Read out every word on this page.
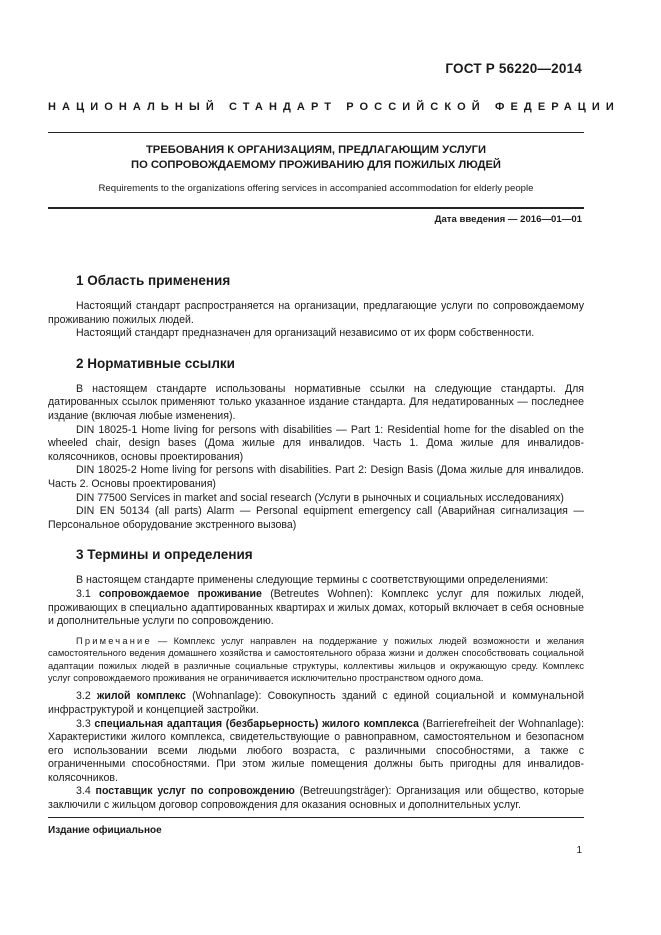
ГОСТ Р 56220—2014
НАЦИОНАЛЬНЫЙ СТАНДАРТ РОССИЙСКОЙ ФЕДЕРАЦИИ
ТРЕБОВАНИЯ К ОРГАНИЗАЦИЯМ, ПРЕДЛАГАЮЩИМ УСЛУГИ
ПО СОПРОВОЖДАЕМОМУ ПРОЖИВАНИЮ ДЛЯ ПОЖИЛЫХ ЛЮДЕЙ
Requirements to the organizations offering services in accompanied accommodation for elderly people
Дата введения — 2016—01—01
1 Область применения

Настоящий стандарт распространяется на организации, предлагающие услуги по сопровождаемому проживанию пожилых людей.

Настоящий стандарт предназначен для организаций независимо от их форм собственности.

2 Нормативные ссылки

В настоящем стандарте использованы нормативные ссылки на следующие стандарты. Для датированных ссылок применяют только указанное издание стандарта. Для недатированных — последнее издание (включая любые изменения).

DIN 18025-1 Home living for persons with disabilities — Part 1: Residential home for the disabled on the wheeled chair, design bases (Дома жилые для инвалидов. Часть 1. Дома жилые для инвалидов-колясочников, основы проектирования)

DIN 18025-2 Home living for persons with disabilities. Part 2: Design Basis (Дома жилые для инвалидов. Часть 2. Основы проектирования)

DIN 77500 Services in market and social research (Услуги в рыночных и социальных исследованиях)

DIN EN 50134 (all parts) Alarm — Personal equipment emergency call (Аварийная сигнализация — Персональное оборудование экстренного вызова)

3 Термины и определения

В настоящем стандарте применены следующие термины с соответствующими определениями:

3.1 сопровождаемое проживание (Betreutes Wohnen): Комплекс услуг для пожилых людей, проживающих в специально адаптированных квартирах и жилых домах, который включает в себя основные и дополнительные услуги по сопровождению.

Примечание — Комплекс услуг направлен на поддержание у пожилых людей возможности и желания самостоятельного ведения домашнего хозяйства и самостоятельного образа жизни и должен способствовать социальной адаптации пожилых людей в различные социальные структуры, коллективы жильцов и окружающую среду. Комплекс услуг сопровождаемого проживания не ограничивается исключительно пространством одного дома.

3.2 жилой комплекс (Wohnanlage): Совокупность зданий с единой социальной и коммунальной инфраструктурой и концепцией застройки.

3.3 специальная адаптация (безбарьерность) жилого комплекса (Barrierefreiheit der Wohnanlage): Характеристики жилого комплекса, свидетельствующие о равноправном, самостоятельном и безопасном его использовании всеми людьми любого возраста, с различными способностями, а также с ограниченными способностями. При этом жилые помещения должны быть пригодны для инвалидов-колясочников.

3.4 поставщик услуг по сопровождению (Betreuungsträger): Организация или общество, которые заключили с жильцом договор сопровождения для оказания основных и дополнительных услуг.

Издание официальное
1
